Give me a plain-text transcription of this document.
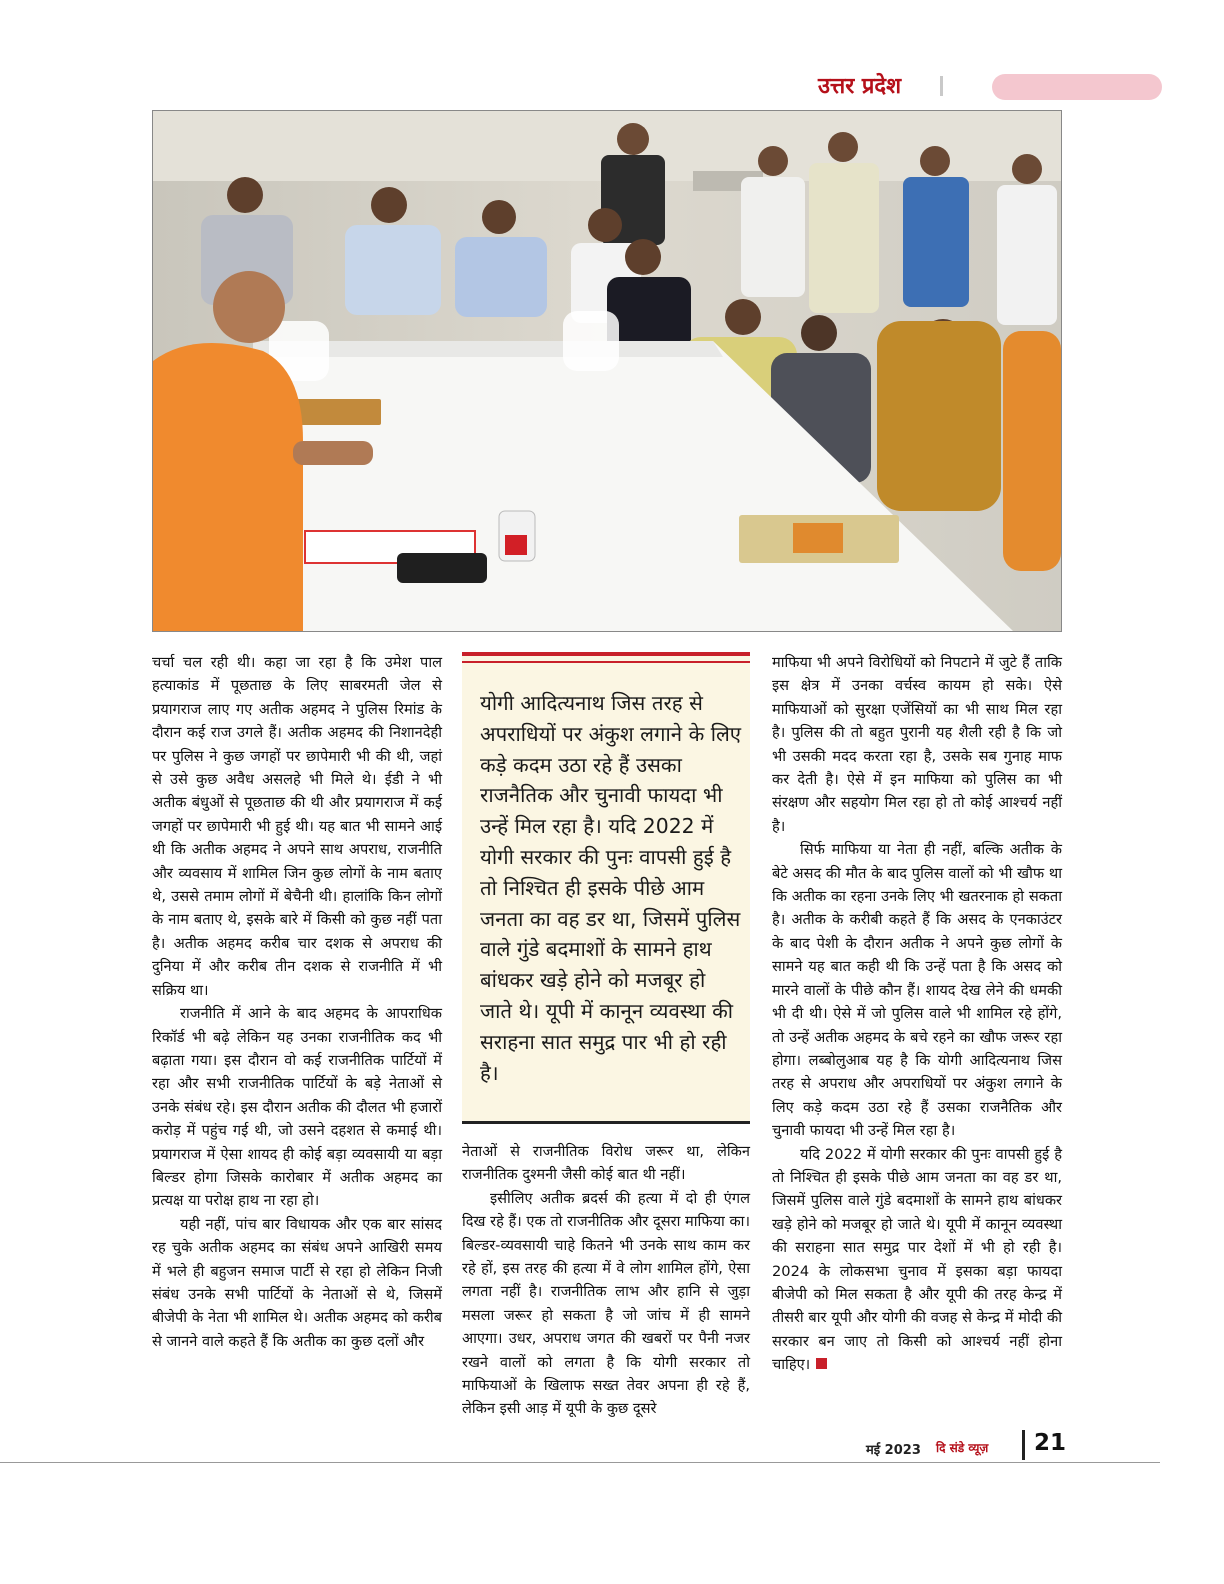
उत्तर प्रदेश

चर्चा चल रही थी। कहा जा रहा है कि उमेश पाल हत्याकांड में पूछताछ के लिए साबरमती जेल से प्रयागराज लाए गए अतीक अहमद ने पुलिस रिमांड के दौरान कई राज उगले हैं। अतीक अहमद की निशानदेही पर पुलिस ने कुछ जगहों पर छापेमारी भी की थी, जहां से उसे कुछ अवैध असलहे भी मिले थे। ईडी ने भी अतीक बंधुओं से पूछताछ की थी और प्रयागराज में कई जगहों पर छापेमारी भी हुई थी। यह बात भी सामने आई थी कि अतीक अहमद ने अपने साथ अपराध, राजनीति और व्यवसाय में शामिल जिन कुछ लोगों के नाम बताए थे, उससे तमाम लोगों में बेचैनी थी। हालांकि किन लोगों के नाम बताए थे, इसके बारे में किसी को कुछ नहीं पता है। अतीक अहमद करीब चार दशक से अपराध की दुनिया में और करीब तीन दशक से राजनीति में भी सक्रिय था।

राजनीति में आने के बाद अहमद के आपराधिक रिकॉर्ड भी बढ़े लेकिन यह उनका राजनीतिक कद भी बढ़ाता गया। इस दौरान वो कई राजनीतिक पार्टियों में रहा और सभी राजनीतिक पार्टियों के बड़े नेताओं से उनके संबंध रहे। इस दौरान अतीक की दौलत भी हजारों करोड़ में पहुंच गई थी, जो उसने दहशत से कमाई थी। प्रयागराज में ऐसा शायद ही कोई बड़ा व्यवसायी या बड़ा बिल्डर होगा जिसके कारोबार में अतीक अहमद का प्रत्यक्ष या परोक्ष हाथ ना रहा हो।

यही नहीं, पांच बार विधायक और एक बार सांसद रह चुके अतीक अहमद का संबंध अपने आखिरी समय में भले ही बहुजन समाज पार्टी से रहा हो लेकिन निजी संबंध उनके सभी पार्टियों के नेताओं से थे, जिसमें बीजेपी के नेता भी शामिल थे। अतीक अहमद को करीब से जानने वाले कहते हैं कि अतीक का कुछ दलों और

योगी आदित्यनाथ जिस तरह से अपराधियों पर अंकुश लगाने के लिए कड़े कदम उठा रहे हैं उसका राजनैतिक और चुनावी फायदा भी उन्हें मिल रहा है। यदि 2022 में योगी सरकार की पुनः वापसी हुई है तो निश्चित ही इसके पीछे आम जनता का वह डर था, जिसमें पुलिस वाले गुंडे बदमाशों के सामने हाथ बांधकर खड़े होने को मजबूर हो जाते थे। यूपी में कानून व्यवस्था की सराहना सात समुद्र पार भी हो रही है।

नेताओं से राजनीतिक विरोध जरूर था, लेकिन राजनीतिक दुश्मनी जैसी कोई बात थी नहीं।

इसीलिए अतीक ब्रदर्स की हत्या में दो ही एंगल दिख रहे हैं। एक तो राजनीतिक और दूसरा माफिया का। बिल्डर-व्यवसायी चाहे कितने भी उनके साथ काम कर रहे हों, इस तरह की हत्या में वे लोग शामिल होंगे, ऐसा लगता नहीं है। राजनीतिक लाभ और हानि से जुड़ा मसला जरूर हो सकता है जो जांच में ही सामने आएगा। उधर, अपराध जगत की खबरों पर पैनी नजर रखने वालों को लगता है कि योगी सरकार तो माफियाओं के खिलाफ सख्त तेवर अपना ही रहे हैं, लेकिन इसी आड़ में यूपी के कुछ दूसरे

माफिया भी अपने विरोधियों को निपटाने में जुटे हैं ताकि इस क्षेत्र में उनका वर्चस्व कायम हो सके। ऐसे माफियाओं को सुरक्षा एजेंसियों का भी साथ मिल रहा है। पुलिस की तो बहुत पुरानी यह शैली रही है कि जो भी उसकी मदद करता रहा है, उसके सब गुनाह माफ कर देती है। ऐसे में इन माफिया को पुलिस का भी संरक्षण और सहयोग मिल रहा हो तो कोई आश्चर्य नहीं है।

सिर्फ माफिया या नेता ही नहीं, बल्कि अतीक के बेटे असद की मौत के बाद पुलिस वालों को भी खौफ था कि अतीक का रहना उनके लिए भी खतरनाक हो सकता है। अतीक के करीबी कहते हैं कि असद के एनकाउंटर के बाद पेशी के दौरान अतीक ने अपने कुछ लोगों के सामने यह बात कही थी कि उन्हें पता है कि असद को मारने वालों के पीछे कौन हैं। शायद देख लेने की धमकी भी दी थी। ऐसे में जो पुलिस वाले भी शामिल रहे होंगे, तो उन्हें अतीक अहमद के बचे रहने का खौफ जरूर रहा होगा। लब्बोलुआब यह है कि योगी आदित्यनाथ जिस तरह से अपराध और अपराधियों पर अंकुश लगाने के लिए कड़े कदम उठा रहे हैं उसका राजनैतिक और चुनावी फायदा भी उन्हें मिल रहा है।

यदि 2022 में योगी सरकार की पुनः वापसी हुई है तो निश्चित ही इसके पीछे आम जनता का वह डर था, जिसमें पुलिस वाले गुंडे बदमाशों के सामने हाथ बांधकर खड़े होने को मजबूर हो जाते थे। यूपी में कानून व्यवस्था की सराहना सात समुद्र पार देशों में भी हो रही है। 2024 के लोकसभा चुनाव में इसका बड़ा फायदा बीजेपी को मिल सकता है और यूपी की तरह केन्द्र में तीसरी बार यूपी और योगी की वजह से केन्द्र में मोदी की सरकार बन जाए तो किसी को आश्चर्य नहीं होना चाहिए।

मई 2023 दि संडे व्यूज़ 21
